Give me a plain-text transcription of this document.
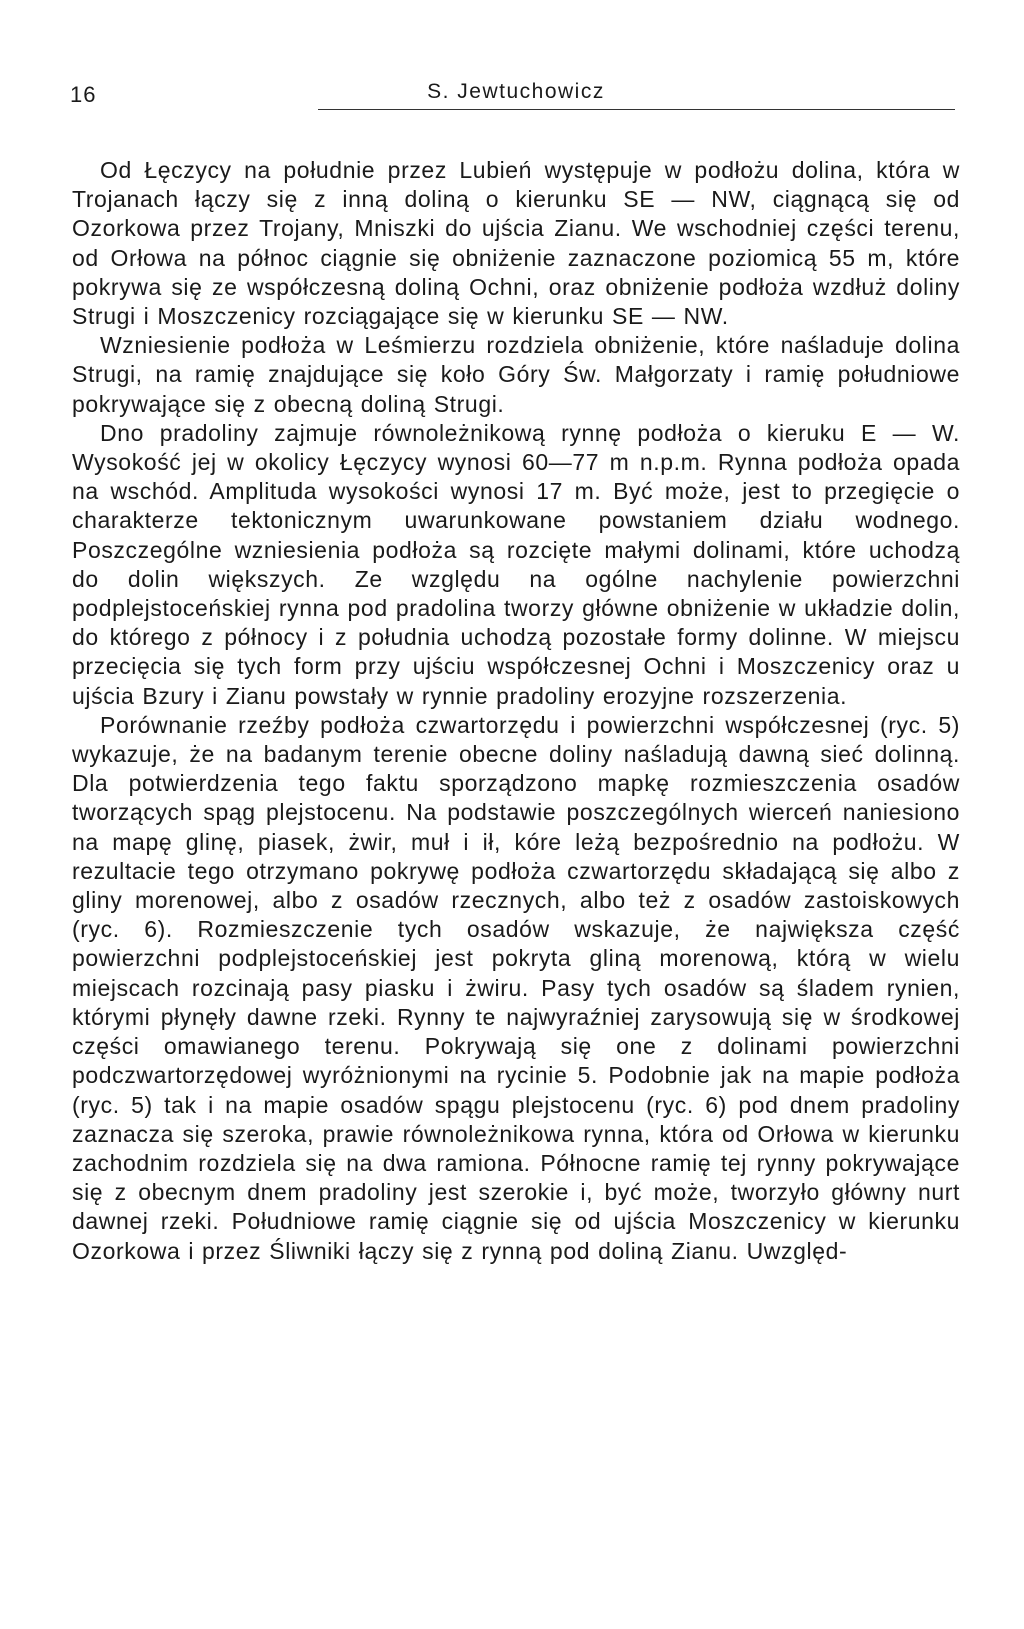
16	S. Jewtuchowicz

Od Łęczycy na południe przez Lubień występuje w podłożu dolina, która w Trojanach łączy się z inną doliną o kierunku SE — NW, ciągnącą się od Ozorkowa przez Trojany, Mniszki do ujścia Zianu. We wschodniej części terenu, od Orłowa na północ ciągnie się obniżenie zaznaczone poziomicą 55 m, które pokrywa się ze współczesną doliną Ochni, oraz obniżenie podłoża wzdłuż doliny Strugi i Moszczenicy rozciągające się w kierunku SE — NW.

Wzniesienie podłoża w Leśmierzu rozdziela obniżenie, które naśladuje dolina Strugi, na ramię znajdujące się koło Góry Św. Małgorzaty i ramię południowe pokrywające się z obecną doliną Strugi.

Dno pradoliny zajmuje równoleżnikową rynnę podłoża o kieruku E — W. Wysokość jej w okolicy Łęczycy wynosi 60—77 m n.p.m. Rynna podłoża opada na wschód. Amplituda wysokości wynosi 17 m. Być może, jest to przegięcie o charakterze tektonicznym uwarunkowane powstaniem działu wodnego. Poszczególne wzniesienia podłoża są rozcięte małymi dolinami, które uchodzą do dolin większych. Ze względu na ogólne nachylenie powierzchni podplejstoceńskiej rynna pod pradolina tworzy główne obniżenie w układzie dolin, do którego z północy i z południa uchodzą pozostałe formy dolinne. W miejscu przecięcia się tych form przy ujściu współczesnej Ochni i Moszczenicy oraz u ujścia Bzury i Zianu powstały w rynnie pradoliny erozyjne rozszerzenia.

Porównanie rzeźby podłoża czwartorzędu i powierzchni współczesnej (ryc. 5) wykazuje, że na badanym terenie obecne doliny naśladują dawną sieć dolinną. Dla potwierdzenia tego faktu sporządzono mapkę rozmieszczenia osadów tworzących spąg plejstocenu. Na podstawie poszczególnych wierceń naniesiono na mapę glinę, piasek, żwir, muł i ił, kóre leżą bezpośrednio na podłożu. W rezultacie tego otrzymano pokrywę podłoża czwartorzędu składającą się albo z gliny morenowej, albo z osadów rzecznych, albo też z osadów zastoiskowych (ryc. 6). Rozmieszczenie tych osadów wskazuje, że największa część powierzchni podplejstoceńskiej jest pokryta gliną morenową, którą w wielu miejscach rozcinają pasy piasku i żwiru. Pasy tych osadów są śladem rynien, którymi płynęły dawne rzeki. Rynny te najwyraźniej zarysowują się w środkowej części omawianego terenu. Pokrywają się one z dolinami powierzchni podczwartorzędowej wyróżnionymi na rycinie 5. Podobnie jak na mapie podłoża (ryc. 5) tak i na mapie osadów spągu plejstocenu (ryc. 6) pod dnem pradoliny zaznacza się szeroka, prawie równoleżnikowa rynna, która od Orłowa w kierunku zachodnim rozdziela się na dwa ramiona. Północne ramię tej rynny pokrywające się z obecnym dnem pradoliny jest szerokie i, być może, tworzyło główny nurt dawnej rzeki. Południowe ramię ciągnie się od ujścia Moszczenicy w kierunku Ozorkowa i przez Śliwniki łączy się z rynną pod doliną Zianu. Uwzględ-
